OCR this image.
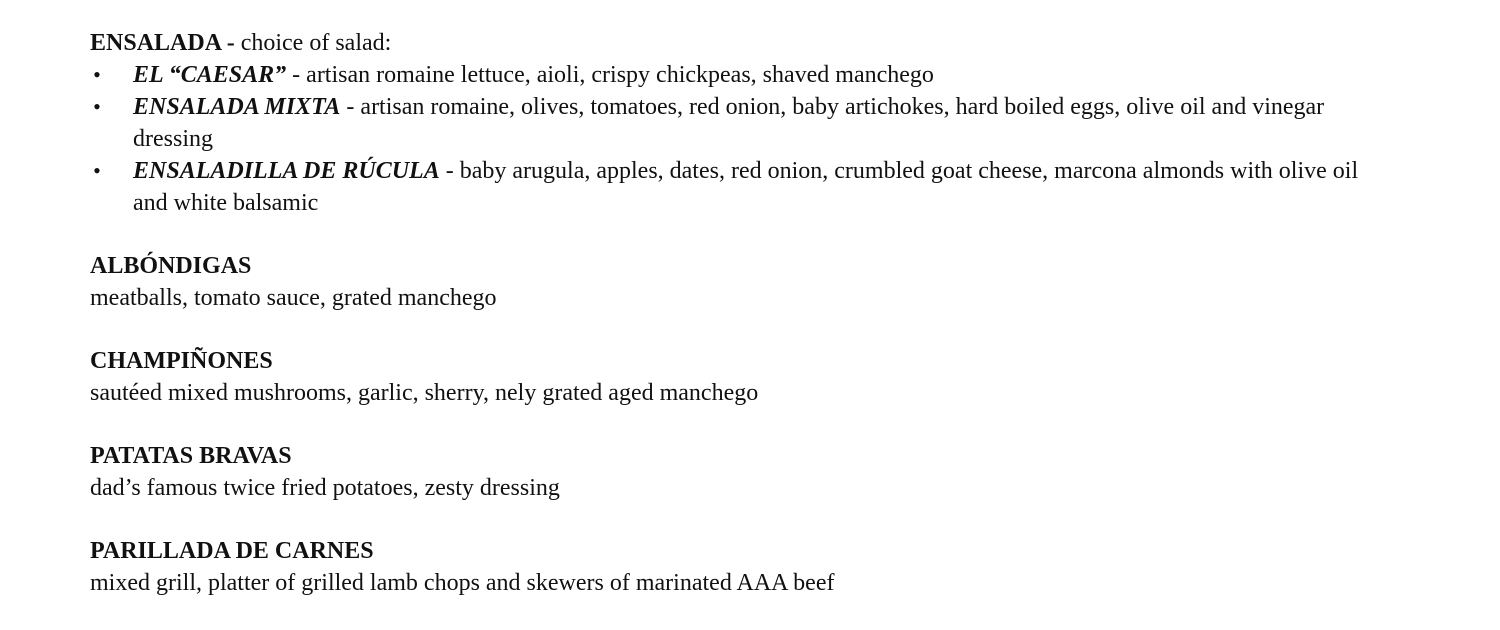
ENSALADA - choice of salad:
• EL “CAESAR” - artisan romaine lettuce, aioli, crispy chickpeas, shaved manchego
• ENSALADA MIXTA - artisan romaine, olives, tomatoes, red onion, baby artichokes, hard boiled eggs, olive oil and vinegar dressing
• ENSALADILLA DE RÚCULA - baby arugula, apples, dates, red onion, crumbled goat cheese, marcona almonds with olive oil and white balsamic
ALBÓNDIGAS
meatballs, tomato sauce, grated manchego
CHAMPIÑONES
sautéed mixed mushrooms, garlic, sherry, nely grated aged manchego
PATATAS BRAVAS
dad’s famous twice fried potatoes, zesty dressing
PARILLADA DE CARNES
mixed grill, platter of grilled lamb chops and skewers of marinated AAA beef
